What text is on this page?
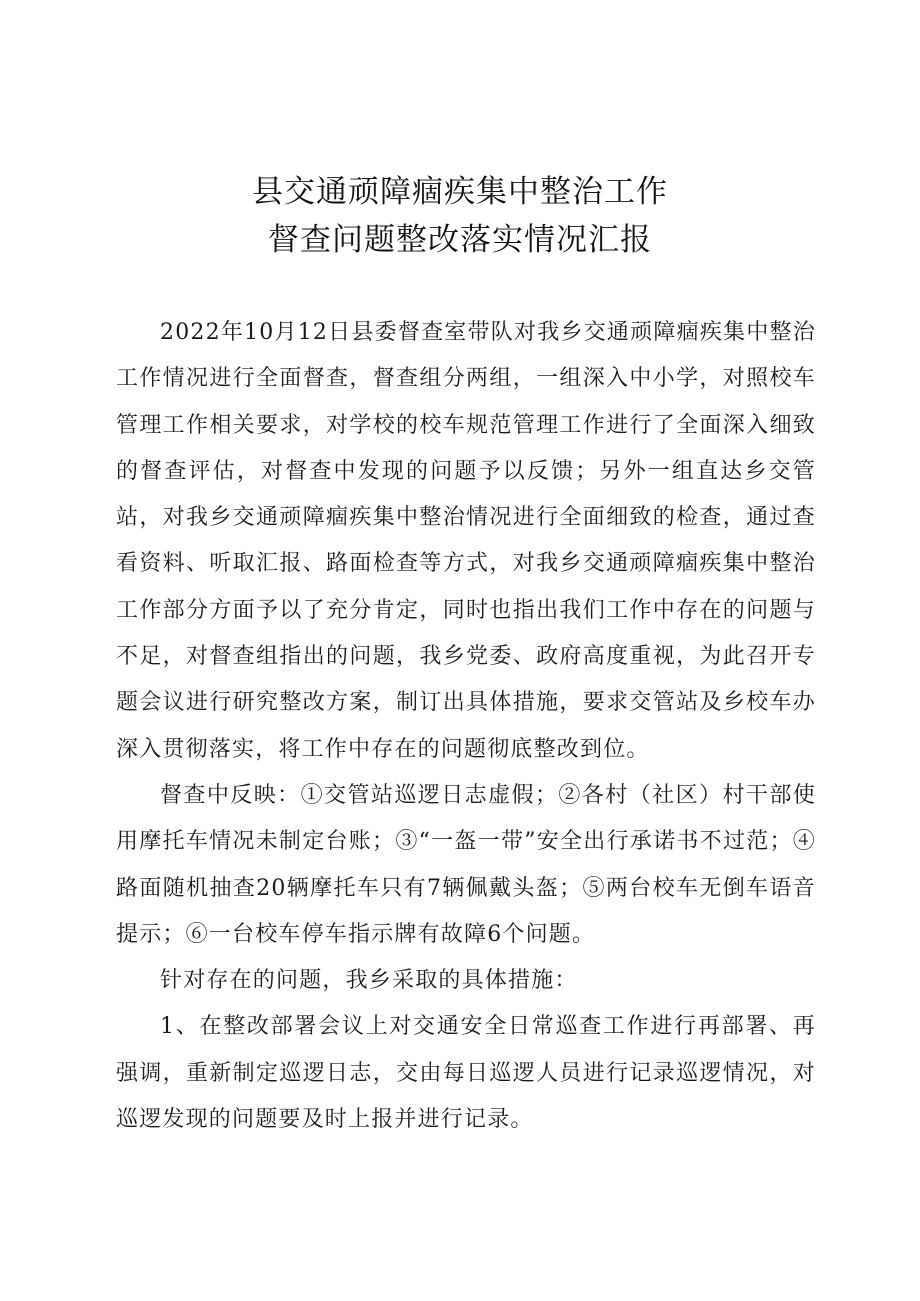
县交通顽障痼疾集中整治工作
督查问题整改落实情况汇报

2022年10月12日县委督查室带队对我乡交通顽障痼疾集中整治工作情况进行全面督查，督查组分两组，一组深入中小学，对照校车管理工作相关要求，对学校的校车规范管理工作进行了全面深入细致的督查评估，对督查中发现的问题予以反馈；另外一组直达乡交管站，对我乡交通顽障痼疾集中整治情况进行全面细致的检查，通过查看资料、听取汇报、路面检查等方式，对我乡交通顽障痼疾集中整治工作部分方面予以了充分肯定，同时也指出我们工作中存在的问题与不足，对督查组指出的问题，我乡党委、政府高度重视，为此召开专题会议进行研究整改方案，制订出具体措施，要求交管站及乡校车办深入贯彻落实，将工作中存在的问题彻底整改到位。

督查中反映：①交管站巡逻日志虚假；②各村（社区）村干部使用摩托车情况未制定台账；③“一盔一带”安全出行承诺书不过范；④路面随机抽查20辆摩托车只有7辆佩戴头盔；⑤两台校车无倒车语音提示；⑥一台校车停车指示牌有故障6个问题。

针对存在的问题，我乡采取的具体措施：

1、在整改部署会议上对交通安全日常巡查工作进行再部署、再强调，重新制定巡逻日志，交由每日巡逻人员进行记录巡逻情况，对巡逻发现的问题要及时上报并进行记录。
